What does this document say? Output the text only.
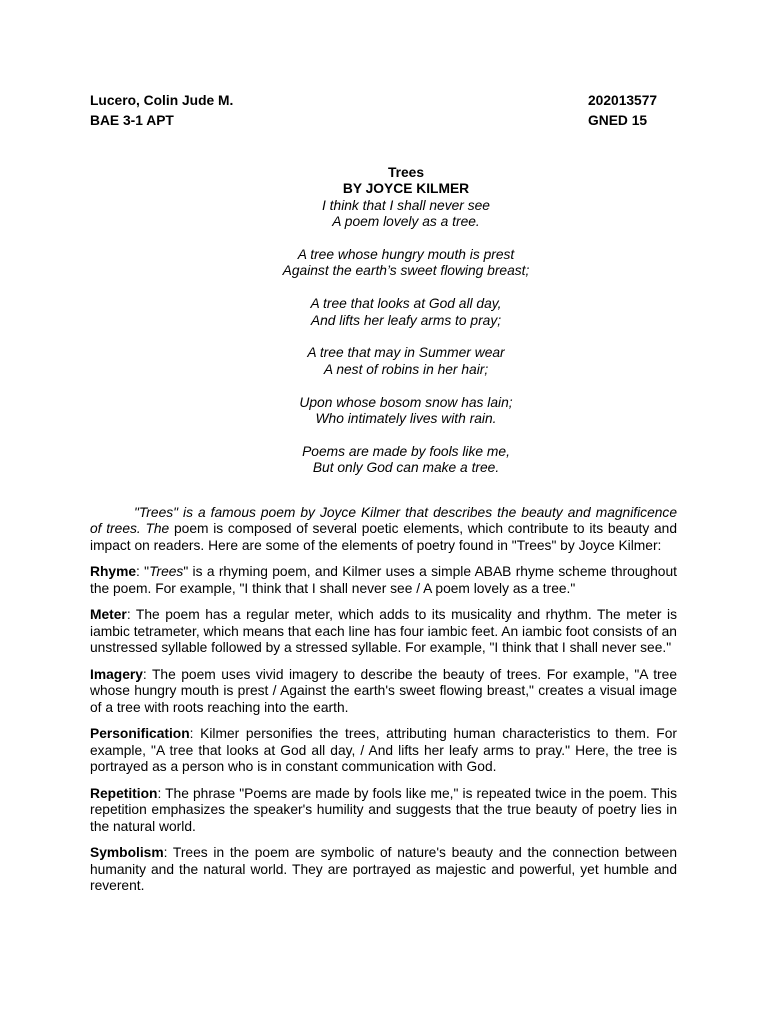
Lucero, Colin Jude M.	202013577
BAE 3-1 APT	GNED 15
Trees
BY JOYCE KILMER
I think that I shall never see
A poem lovely as a tree.
A tree whose hungry mouth is prest
Against the earth’s sweet flowing breast;
A tree that looks at God all day,
And lifts her leafy arms to pray;
A tree that may in Summer wear
A nest of robins in her hair;
Upon whose bosom snow has lain;
Who intimately lives with rain.
Poems are made by fools like me,
But only God can make a tree.

"Trees" is a famous poem by Joyce Kilmer that describes the beauty and magnificence of trees. The poem is composed of several poetic elements, which contribute to its beauty and impact on readers. Here are some of the elements of poetry found in "Trees" by Joyce Kilmer:

Rhyme: "Trees" is a rhyming poem, and Kilmer uses a simple ABAB rhyme scheme throughout the poem. For example, "I think that I shall never see / A poem lovely as a tree."

Meter: The poem has a regular meter, which adds to its musicality and rhythm. The meter is iambic tetrameter, which means that each line has four iambic feet. An iambic foot consists of an unstressed syllable followed by a stressed syllable. For example, "I think that I shall never see."

Imagery: The poem uses vivid imagery to describe the beauty of trees. For example, "A tree whose hungry mouth is prest / Against the earth's sweet flowing breast," creates a visual image of a tree with roots reaching into the earth.

Personification: Kilmer personifies the trees, attributing human characteristics to them. For example, "A tree that looks at God all day, / And lifts her leafy arms to pray." Here, the tree is portrayed as a person who is in constant communication with God.

Repetition: The phrase "Poems are made by fools like me," is repeated twice in the poem. This repetition emphasizes the speaker's humility and suggests that the true beauty of poetry lies in the natural world.

Symbolism: Trees in the poem are symbolic of nature's beauty and the connection between humanity and the natural world. They are portrayed as majestic and powerful, yet humble and reverent.
